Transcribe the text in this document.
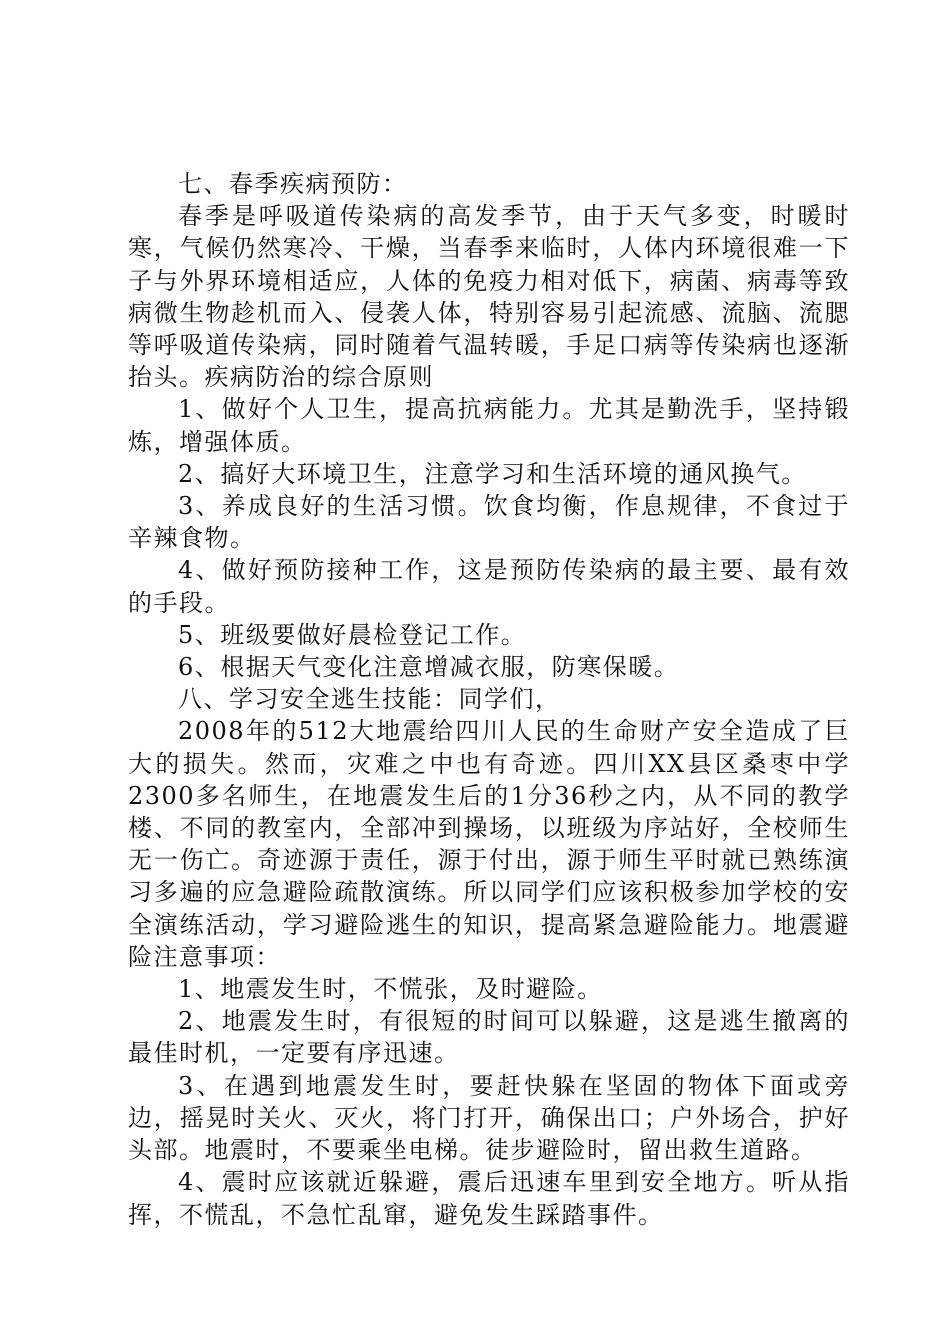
七、春季疾病预防：

春季是呼吸道传染病的高发季节，由于天气多变，时暖时寒，气候仍然寒冷、干燥，当春季来临时，人体内环境很难一下子与外界环境相适应，人体的免疫力相对低下，病菌、病毒等致病微生物趁机而入、侵袭人体，特别容易引起流感、流脑、流腮等呼吸道传染病，同时随着气温转暖，手足口病等传染病也逐渐抬头。疾病防治的综合原则

1、做好个人卫生，提高抗病能力。尤其是勤洗手，坚持锻炼，增强体质。

2、搞好大环境卫生，注意学习和生活环境的通风换气。

3、养成良好的生活习惯。饮食均衡，作息规律，不食过于辛辣食物。

4、做好预防接种工作，这是预防传染病的最主要、最有效的手段。

5、班级要做好晨检登记工作。

6、根据天气变化注意增减衣服，防寒保暖。

八、学习安全逃生技能：同学们，

2008年的512大地震给四川人民的生命财产安全造成了巨大的损失。然而，灾难之中也有奇迹。四川XX县区桑枣中学2300多名师生，在地震发生后的1分36秒之内，从不同的教学楼、不同的教室内，全部冲到操场，以班级为序站好，全校师生无一伤亡。奇迹源于责任，源于付出，源于师生平时就已熟练演习多遍的应急避险疏散演练。所以同学们应该积极参加学校的安全演练活动，学习避险逃生的知识，提高紧急避险能力。地震避险注意事项：

1、地震发生时，不慌张，及时避险。

2、地震发生时，有很短的时间可以躲避，这是逃生撤离的最佳时机，一定要有序迅速。

3、在遇到地震发生时，要赶快躲在坚固的物体下面或旁边，摇晃时关火、灭火，将门打开，确保出口；户外场合，护好头部。地震时，不要乘坐电梯。徒步避险时，留出救生道路。

4、震时应该就近躲避，震后迅速车里到安全地方。听从指挥，不慌乱，不急忙乱窜，避免发生踩踏事件。
